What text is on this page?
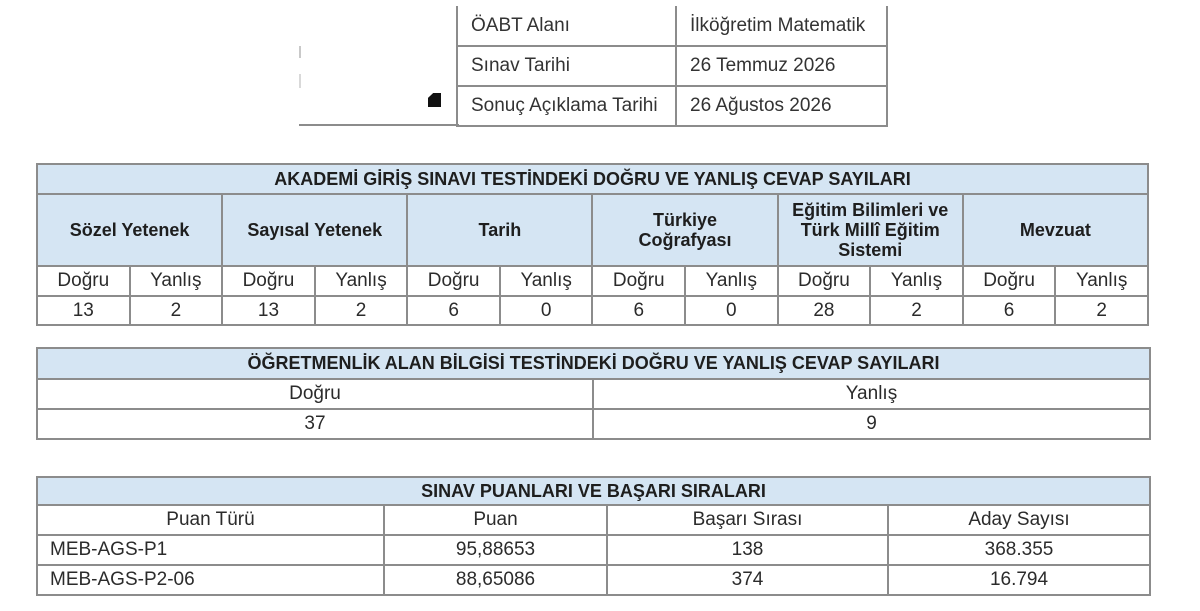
ÖABT Alanı	İlköğretim Matematik
Sınav Tarihi	26 Temmuz 2026
Sonuç Açıklama Tarihi	26 Ağustos 2026
AKADEMİ GİRİŞ SINAVI TESTİNDEKİ DOĞRU VE YANLIŞ CEVAP SAYILARI											
Sözel Yetenek		Sayısal Yetenek		Tarih		Türkiye Coğrafyası		Eğitim Bilimleri ve Türk Millî Eğitim Sistemi		Mevzuat	
Doğru	Yanlış	Doğru	Yanlış	Doğru	Yanlış	Doğru	Yanlış	Doğru	Yanlış	Doğru	Yanlış
13	2	13	2	6	0	6	0	28	2	6	2
ÖĞRETMENLİK ALAN BİLGİSİ TESTİNDEKİ DOĞRU VE YANLIŞ CEVAP SAYILARI	
Doğru	Yanlış
37	9
SINAV PUANLARI VE BAŞARI SIRALARI			
Puan Türü	Puan	Başarı Sırası	Aday Sayısı
MEB-AGS-P1	95,88653	138	368.355
MEB-AGS-P2-06	88,65086	374	16.794
